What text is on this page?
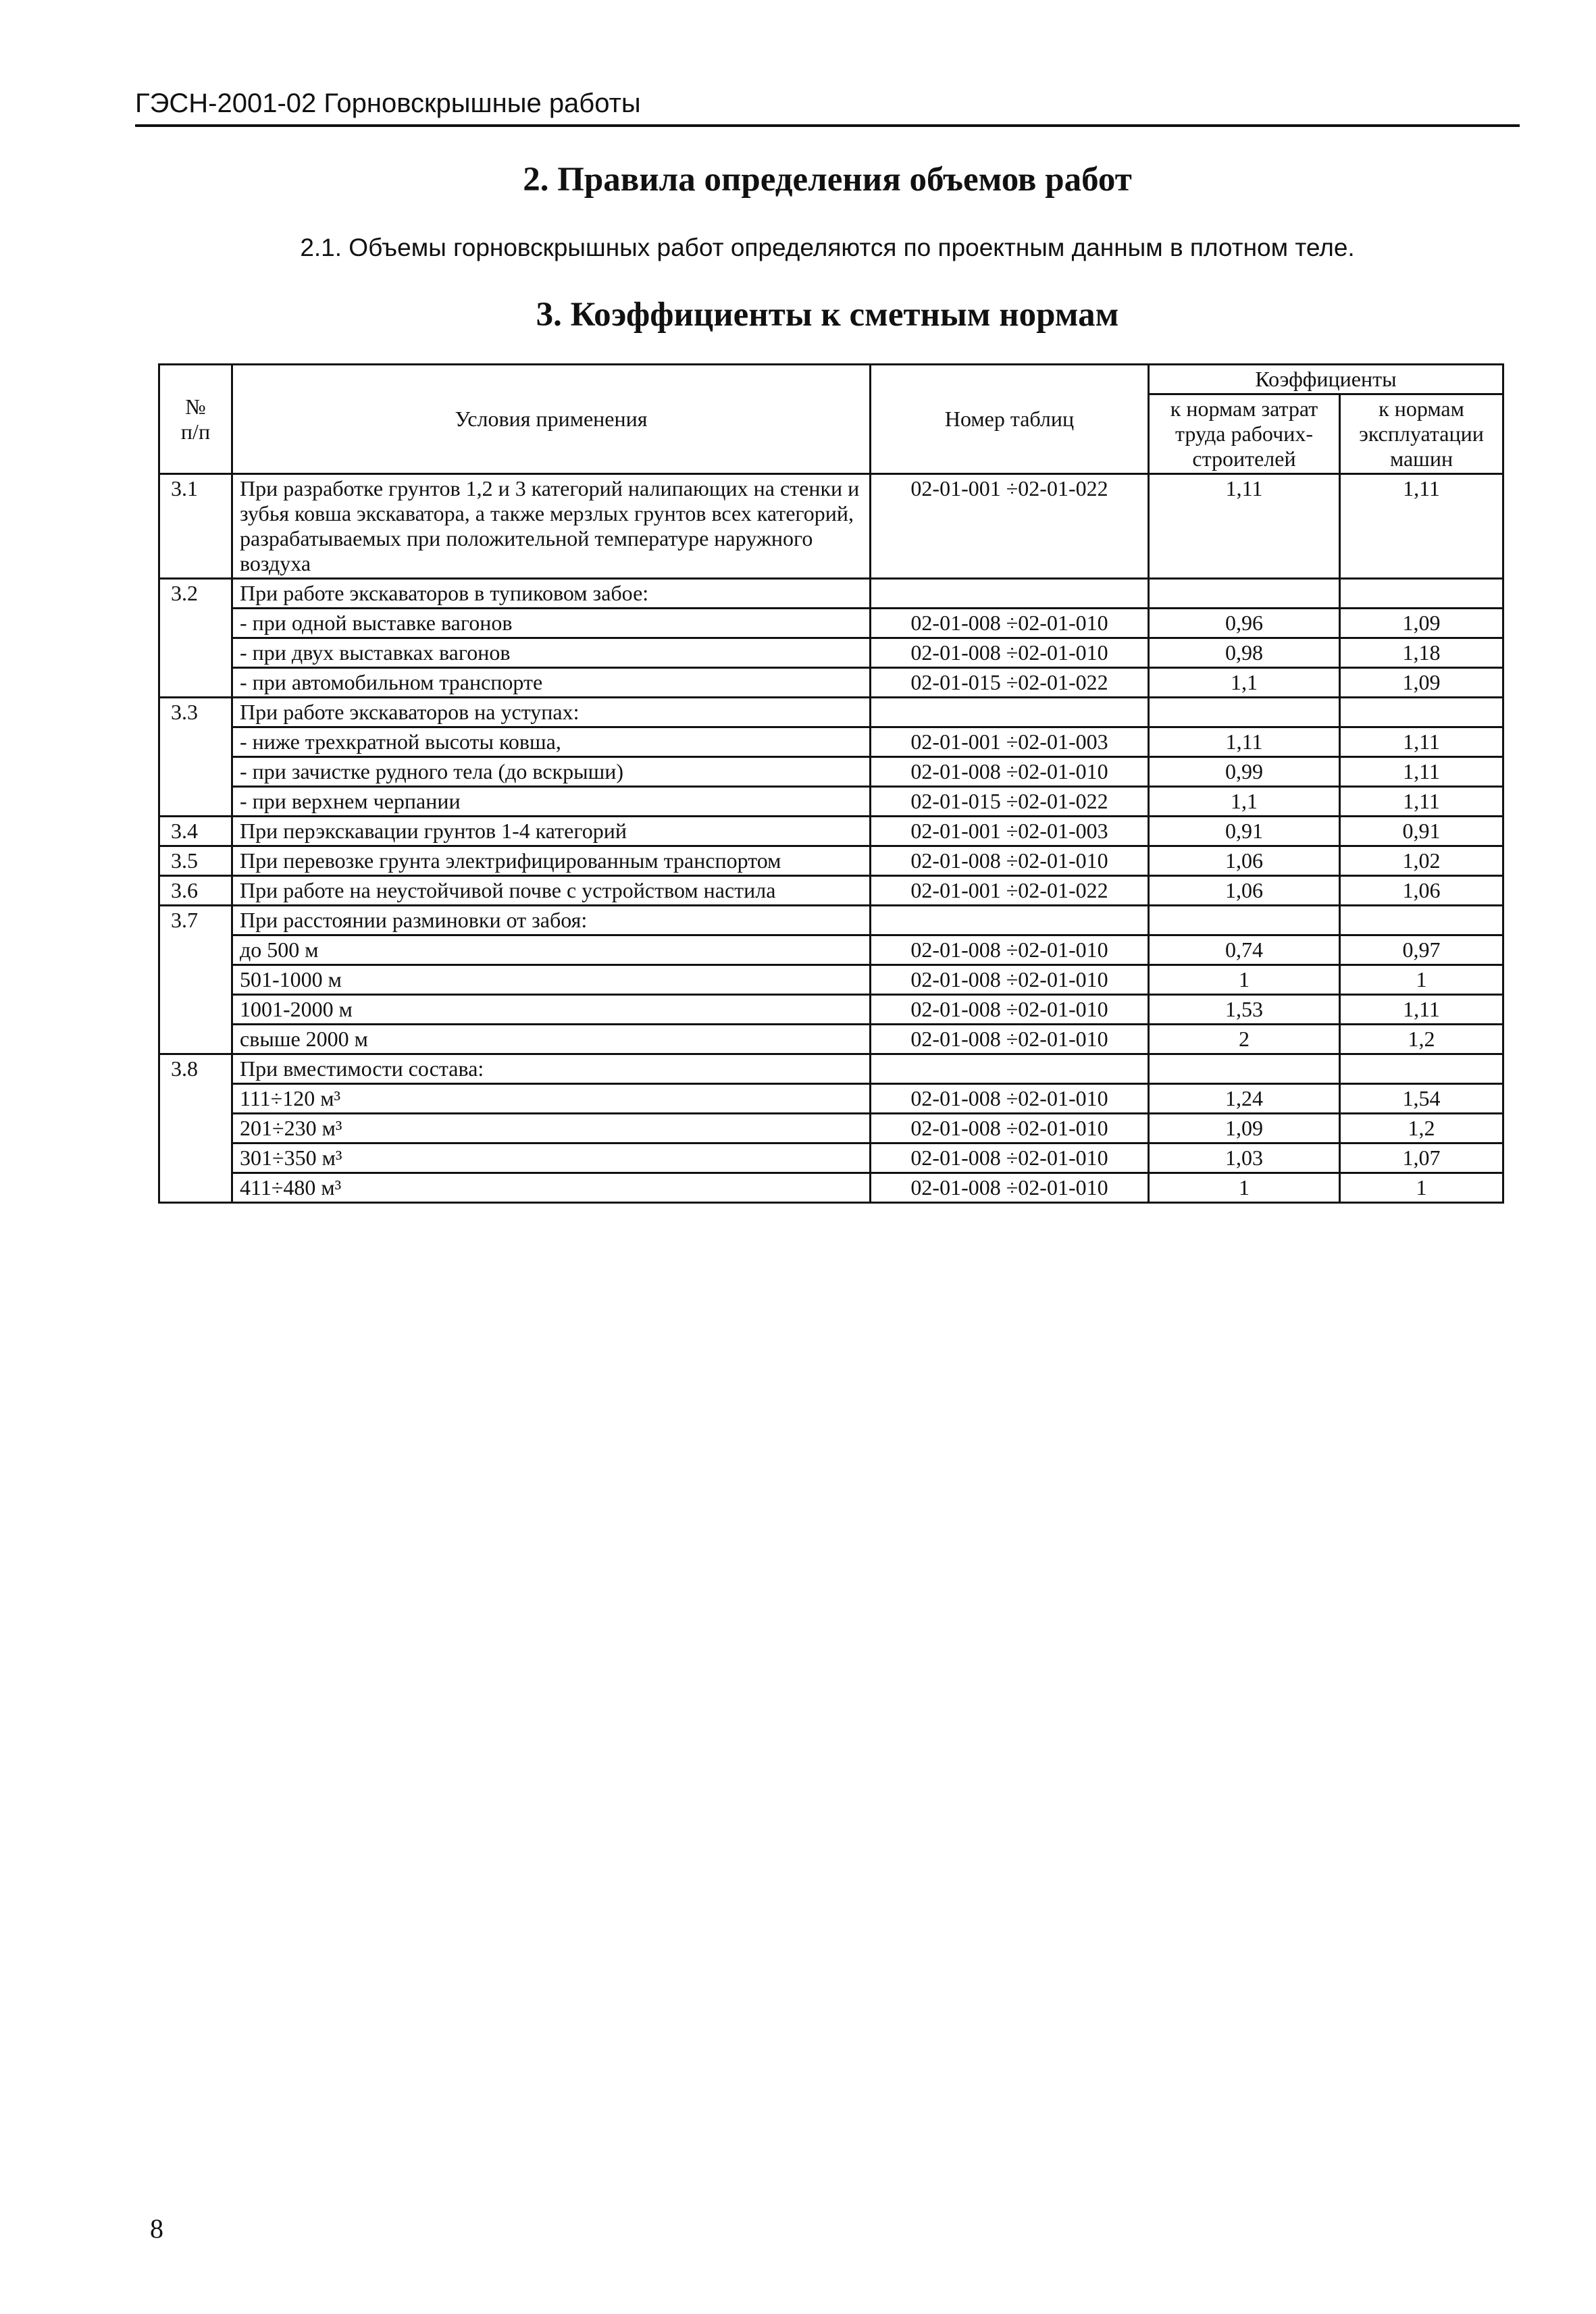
ГЭСН-2001-02 Горновскрышные работы
2. Правила определения объемов работ
2.1. Объемы горновскрышных работ определяются по проектным данным в плотном теле.
3. Коэффициенты к сметным нормам
№
п/п	Условия применения	Номер таблиц	Коэффициенты	
			к нормам затрат труда рабочих-строителей	к нормам эксплуатации машин
3.1	При разработке грунтов 1,2 и 3 категорий налипающих на стенки и зубья ковша экскаватора, а также мерзлых грунтов всех категорий, разрабатываемых при положительной температуре наружного воздуха	02-01-001 ÷02-01-022	1,11	1,11
3.2	При работе экскаваторов в тупиковом забое:			
	- при одной выставке вагонов	02-01-008 ÷02-01-010	0,96	1,09
	- при двух выставках вагонов	02-01-008 ÷02-01-010	0,98	1,18
	- при автомобильном транспорте	02-01-015 ÷02-01-022	1,1	1,09
3.3	При работе экскаваторов на уступах:			
	- ниже трехкратной высоты ковша,	02-01-001 ÷02-01-003	1,11	1,11
	- при зачистке рудного тела (до вскрыши)	02-01-008 ÷02-01-010	0,99	1,11
	- при верхнем черпании	02-01-015 ÷02-01-022	1,1	1,11
3.4	При перэкскавации грунтов 1-4 категорий	02-01-001 ÷02-01-003	0,91	0,91
3.5	При перевозке грунта электрифицированным транспортом	02-01-008 ÷02-01-010	1,06	1,02
3.6	При работе на неустойчивой почве с устройством настила	02-01-001 ÷02-01-022	1,06	1,06
3.7	При расстоянии разминовки от забоя:			
	до 500 м	02-01-008 ÷02-01-010	0,74	0,97
	501-1000 м	02-01-008 ÷02-01-010	1	1
	1001-2000 м	02-01-008 ÷02-01-010	1,53	1,11
	свыше 2000 м	02-01-008 ÷02-01-010	2	1,2
3.8	При вместимости состава:			
	111÷120 м³	02-01-008 ÷02-01-010	1,24	1,54
	201÷230 м³	02-01-008 ÷02-01-010	1,09	1,2
	301÷350 м³	02-01-008 ÷02-01-010	1,03	1,07
	411÷480 м³	02-01-008 ÷02-01-010	1	1
8
